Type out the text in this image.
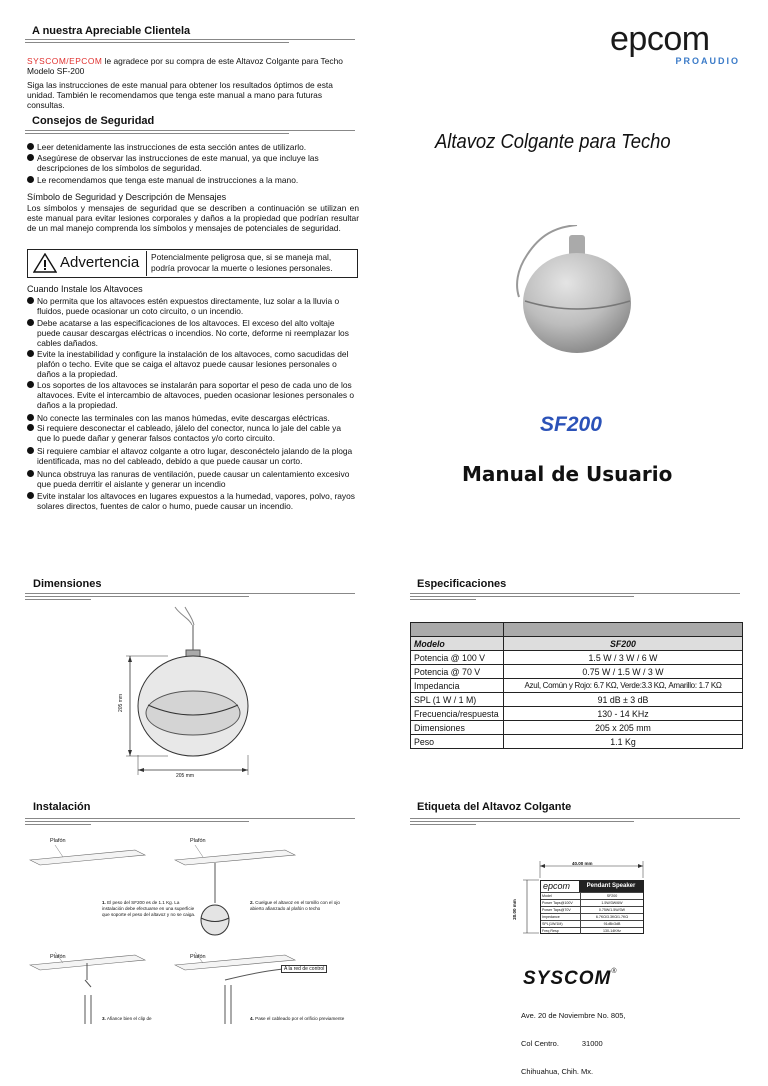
A nuestra Apreciable Clientela
SYSCOM/EPCOM le agradece por su compra de este Altavoz Colgante para Techo Modelo SF-200
Siga las instrucciones de este manual para obtener los resultados óptimos de esta unidad. También le recomendamos que tenga este manual a mano para futuras consultas.
Consejos de Seguridad
Leer detenidamente las instrucciones de esta sección antes de utilizarlo.
Asegúrese de observar las instrucciones de este manual, ya que incluye las descripciones de los símbolos de seguridad.
Le recomendamos que tenga este manual de instrucciones a la mano.
Símbolo de Seguridad y Descripción de Mensajes
Los símbolos y mensajes de seguridad que se describen a continuación se utilizan en este manual para evitar lesiones corporales y daños a la propiedad que podrían resultar de un mal manejo comprenda los símbolos y mensajes de potenciales de seguridad.
Advertencia Potencialmente peligrosa que, si se maneja mal, podría provocar la muerte o lesiones personales.
Cuando Instale los Altavoces
No permita que los altavoces estén expuestos directamente, luz solar a la lluvia o fluidos, puede ocasionar un coto circuito, o un incendio.
Debe acatarse a las especificaciones de los altavoces. El exceso del alto voltaje puede causar descargas eléctricas o incendios. No corte, deforme ni reemplazar los cables dañados.
Evite la inestabilidad y configure la instalación de los altavoces, como sacudidas del plafón o techo. Evite que se caiga el altavoz puede causar lesiones personales o daños a la propiedad.
Los soportes de los altavoces se instalarán para soportar el peso de cada uno de los altavoces. Evite el intercambio de altavoces, pueden ocasionar lesiones personales o daños a la propiedad.
No conecte las terminales con las manos húmedas, evite descargas eléctricas.
Si requiere desconectar el cableado, jálelo del conector, nunca lo jale del cable ya que lo puede dañar y generar falsos contactos y/o corto circuito.
Si requiere cambiar el altavoz colgante a otro lugar, desconéctelo jalando de la ploga identificada, mas no del cableado, debido a que puede causar un corto.
Nunca obstruya las ranuras de ventilación, puede causar un calentamiento excesivo que pueda derritir el aislante y generar un incendio
Evite instalar los altavoces en lugares expuestos a la humedad, vapores, polvo, rayos solares directos, fuentes de calor o humo, puede causar un incendio.
epcom
PROAUDIO
Altavoz Colgante para Techo
SF200
Manual de Usuario
Dimensiones
205 mm
205 mm
Especificaciones

Modelo	SF200
Potencia @ 100 V	1.5 W / 3 W / 6 W
Potencia @ 70 V	0.75 W / 1.5 W / 3 W
Impedancia	Azul, Común y Rojo: 6.7 KΩ, Verde:3.3 KΩ, Amarillo: 1.7 KΩ
SPL (1 W / 1 M)	91 dB ± 3 dB
Frecuencia/respuesta	130 - 14 KHz
Dimensiones	205 x 205 mm
Peso	1.1 Kg
Instalación
Plafón	Plafón
Plafón	Plafón
1. El peso del SF200 es de 1.1 Kg. La instalación debe efectuarse en una superficie que soporte el peso del altavoz y no se caiga.
2. Cuelgue el altavoz en el tornillo con el ojo abierto afianzado al plafón o techo
3. Afiance bien el clip de	4. Pase el cableado por el orificio previamente
A la red de control
Etiqueta del Altavoz Colgante
40.00 mm
20.00 mm
epcom	Pendant Speaker
Model	SF200
Power Taps@100V	1.5W/3W/6W
Power Taps@70V	0.75W/1.5W/3W
Impedance	6.7KΩ/3.3KΩ/1.7KΩ
SPL(1W/1M)	91dB±3dB
Freq Resp	130-14KHz
SYSCOM®

Ave. 20 de Noviembre No. 805,

Col Centro.           31000

Chihuahua, Chih. Mx.
